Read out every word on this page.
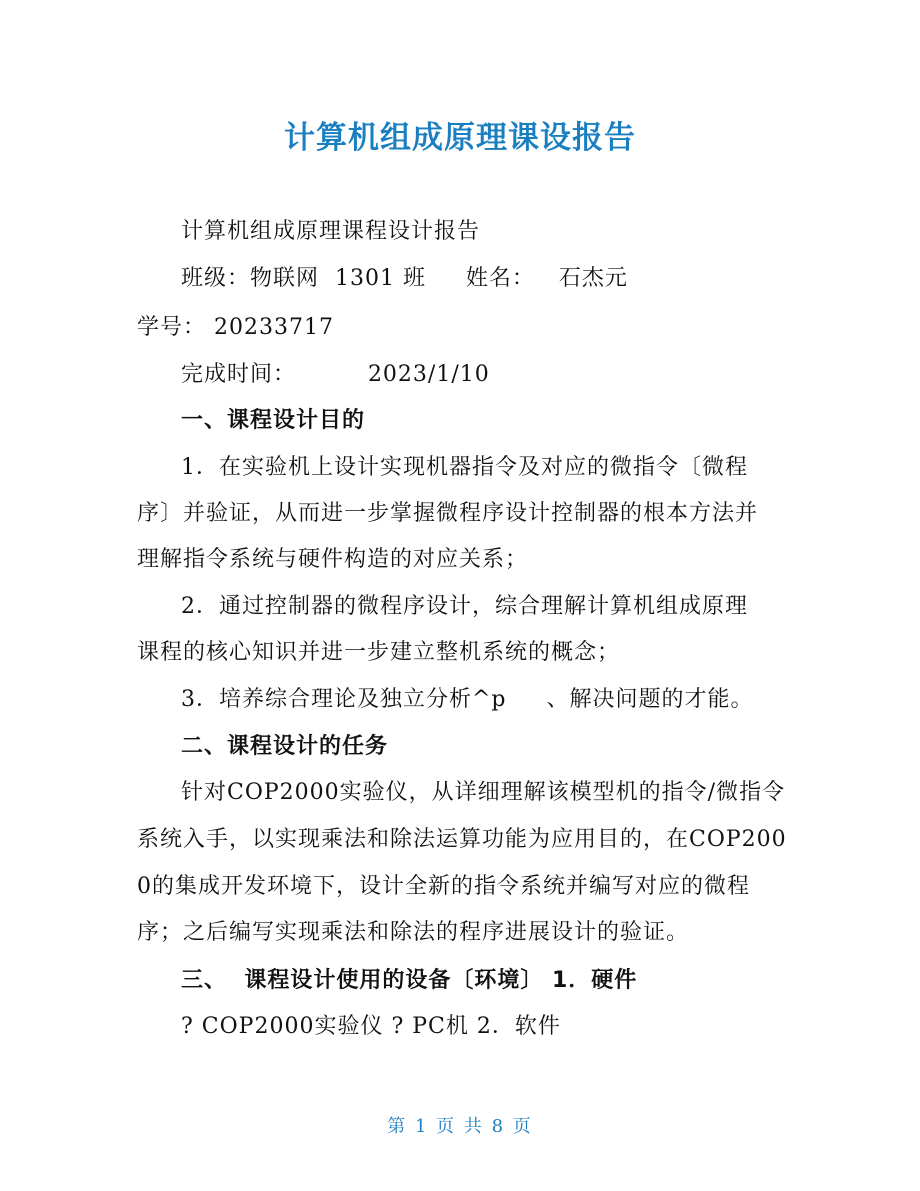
计算机组成原理课设报告
计算机组成原理课程设计报告
班级：物联网  1301 班     姓名：   石杰元
学号： 20233717
完成时间：         2023/1/10
一、课程设计目的
1．在实验机上设计实现机器指令及对应的微指令〔微程
序〕并验证，从而进一步掌握微程序设计控制器的根本方法并
理解指令系统与硬件构造的对应关系；
2．通过控制器的微程序设计，综合理解计算机组成原理
课程的核心知识并进一步建立整机系统的概念；
3．培养综合理论及独立分析^p     、解决问题的才能。
二、课程设计的任务
针对COP2000实验仪，从详细理解该模型机的指令/微指令
系统入手，以实现乘法和除法运算功能为应用目的，在COP200
0的集成开发环境下，设计全新的指令系统并编写对应的微程
序；之后编写实现乘法和除法的程序进展设计的验证。
三、  课程设计使用的设备〔环境〕 1．硬件
? COP2000实验仪 ? PC机 2．软件
第 1 页 共 8 页
